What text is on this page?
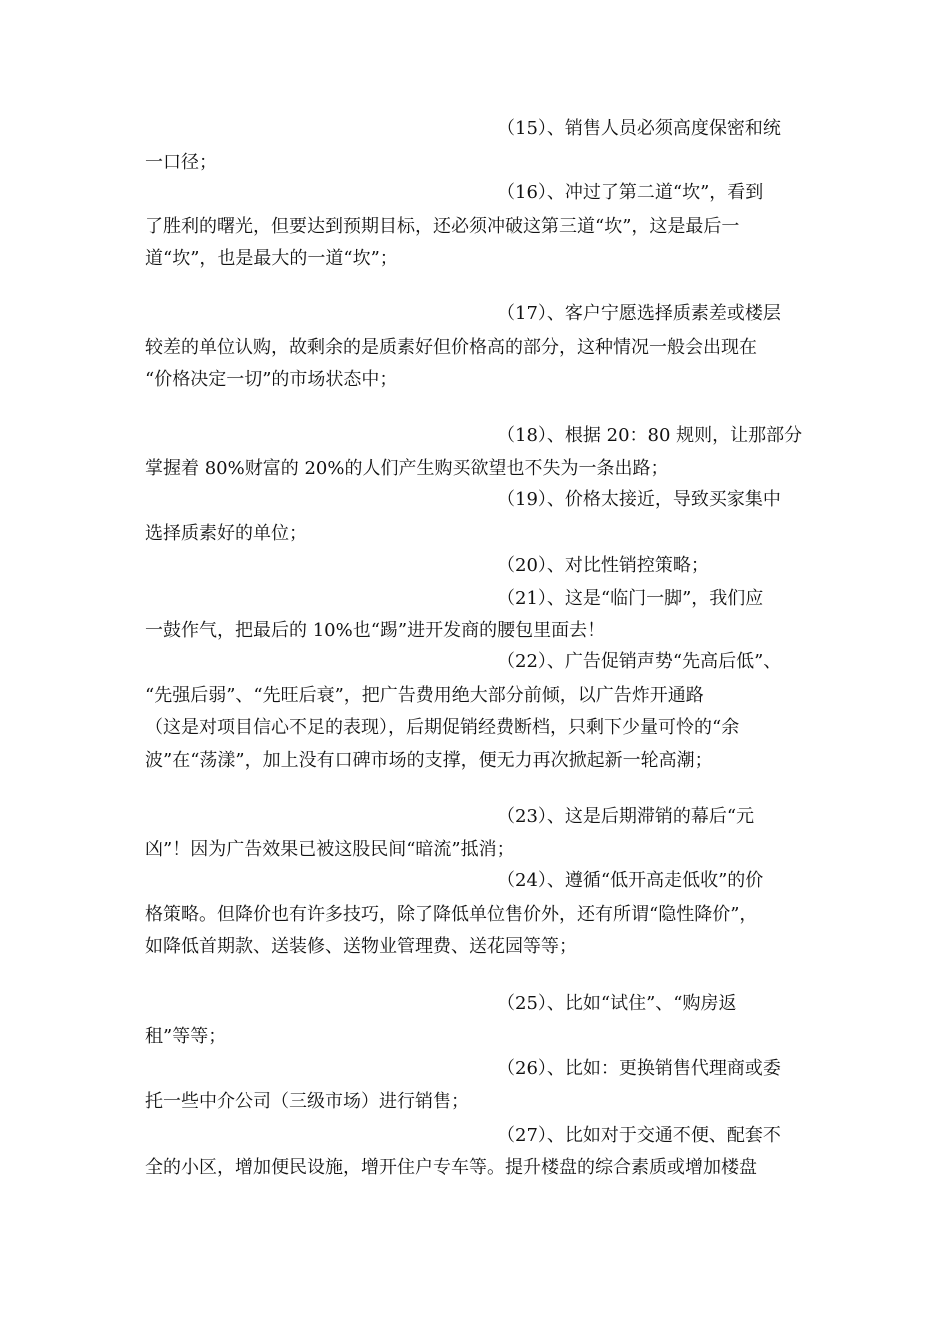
（15）、销售人员必须高度保密和统
一口径；
（16）、冲过了第二道“坎”，看到
了胜利的曙光，但要达到预期目标，还必须冲破这第三道“坎”，这是最后一
道“坎”，也是最大的一道“坎”；
（17）、客户宁愿选择质素差或楼层
较差的单位认购，故剩余的是质素好但价格高的部分，这种情况一般会出现在
“价格决定一切”的市场状态中；
（18）、根据 20：80 规则，让那部分
掌握着 80%财富的 20%的人们产生购买欲望也不失为一条出路；
（19）、价格太接近，导致买家集中
选择质素好的单位；
（20）、对比性销控策略；
（21）、这是“临门一脚”，我们应
一鼓作气，把最后的 10%也“踢”进开发商的腰包里面去！
（22）、广告促销声势“先高后低”、
“先强后弱”、“先旺后衰”，把广告费用绝大部分前倾，以广告炸开通路
（这是对项目信心不足的表现），后期促销经费断档，只剩下少量可怜的“余
波”在“荡漾”，加上没有口碑市场的支撑，便无力再次掀起新一轮高潮；
（23）、这是后期滞销的幕后“元
凶”！因为广告效果已被这股民间“暗流”抵消；
（24）、遵循“低开高走低收”的价
格策略。但降价也有许多技巧，除了降低单位售价外，还有所谓“隐性降价”，
如降低首期款、送装修、送物业管理费、送花园等等；
（25）、比如“试住”、“购房返
租”等等；
（26）、比如：更换销售代理商或委
托一些中介公司（三级市场）进行销售；
（27）、比如对于交通不便、配套不
全的小区，增加便民设施，增开住户专车等。提升楼盘的综合素质或增加楼盘
